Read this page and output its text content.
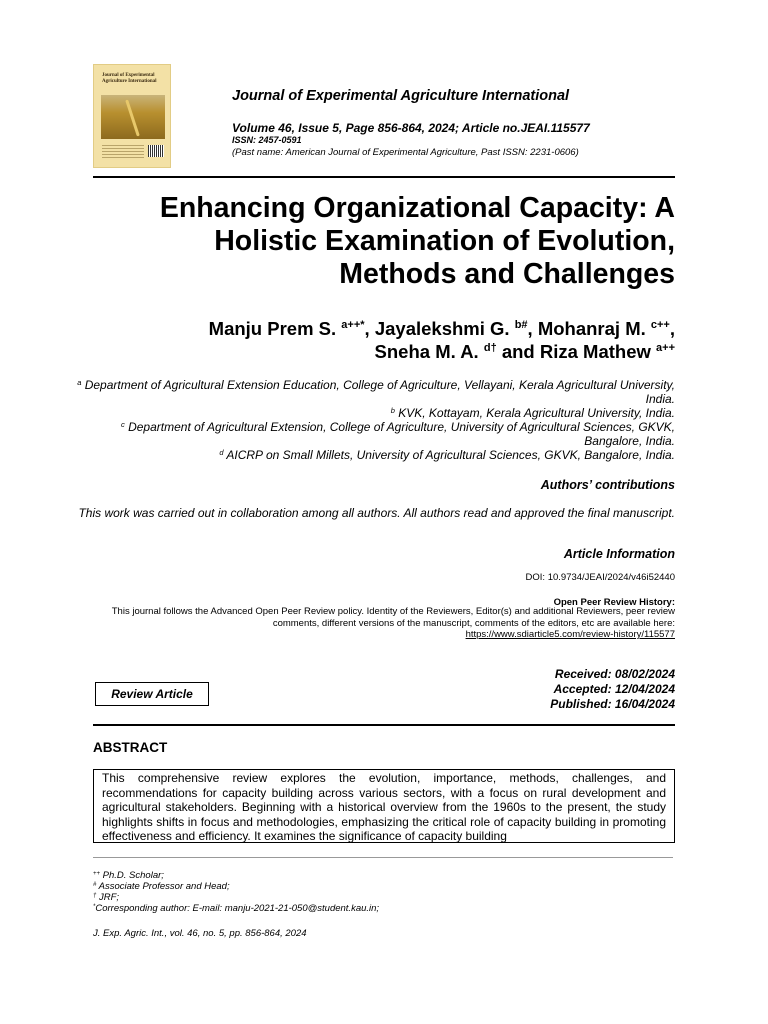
Journal of Experimental Agriculture International
Journal of Experimental Agriculture International
Volume 46, Issue 5, Page 856-864, 2024; Article no.JEAI.115577
ISSN: 2457-0591
(Past name: American Journal of Experimental Agriculture, Past ISSN: 2231-0606)
Enhancing Organizational Capacity: A
Holistic Examination of Evolution,
Methods and Challenges
Manju Prem S. $^{a++*}$, Jayalekshmi G. $^{b\#}$, Mohanraj M. $^{c++}$,
Sneha M. A. $^{d\dagger}$ and Riza Mathew $^{a++}$
$^a$ Department of Agricultural Extension Education, College of Agriculture, Vellayani, Kerala Agricultural University, India.
$^b$ KVK, Kottayam, Kerala Agricultural University, India.
$^c$ Department of Agricultural Extension, College of Agriculture, University of Agricultural Sciences, GKVK, Bangalore, India.
$^d$ AICRP on Small Millets, University of Agricultural Sciences, GKVK, Bangalore, India.
Authors’ contributions
This work was carried out in collaboration among all authors. All authors read and approved the final manuscript.
Article Information
DOI: 10.9734/JEAI/2024/v46i52440
Open Peer Review History:
This journal follows the Advanced Open Peer Review policy. Identity of the Reviewers, Editor(s) and additional Reviewers, peer review comments, different versions of the manuscript, comments of the editors, etc are available here:
https://www.sdiarticle5.com/review-history/115577
Review Article
Received: 08/02/2024
Accepted: 12/04/2024
Published: 16/04/2024
ABSTRACT
This comprehensive review explores the evolution, importance, methods, challenges, and recommendations for capacity building across various sectors, with a focus on rural development and agricultural stakeholders. Beginning with a historical overview from the 1960s to the present, the study highlights shifts in focus and methodologies, emphasizing the critical role of capacity building in promoting effectiveness and efficiency. It examines the significance of capacity building
++ Ph.D. Scholar;
# Associate Professor and Head;
† JRF;
*Corresponding author: E-mail: manju-2021-21-050@student.kau.in;
J. Exp. Agric. Int., vol. 46, no. 5, pp. 856-864, 2024
